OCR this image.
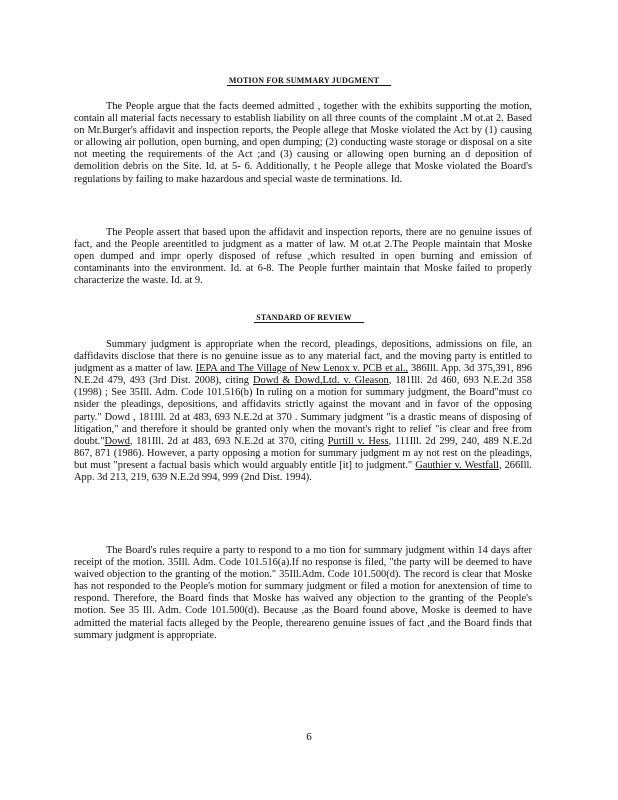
MOTION FOR SUMMARY JUDGMENT

The People argue that the facts deemed admitted , together with the exhibits supporting the motion, contain all material facts necessary to establish liability on all three counts of the complaint .M ot.at 2. Based on Mr.Burger's affidavit and inspection reports, the People allege that Moske violated the Act by (1) causing or allowing air pollution, open burning, and open dumping; (2) conducting waste storage or disposal on a site not meeting the requirements of the Act ;and (3) causing or allowing open burning an d deposition of demolition debris on the Site. Id. at 5- 6. Additionally, t he People allege that Moske violated the Board's regulations by failing to make hazardous and special waste de terminations. Id.

The People assert that based upon the affidavit and inspection reports, there are no genuine issues of fact, and the People areentitled to judgment as a matter of law. M ot.at 2.The People maintain that Moske open dumped and impr operly disposed of refuse ,which resulted in open burning and emission of contaminants into the environment. Id. at 6-8. The People further maintain that Moske failed to properly characterize the waste. Id. at 9.

STANDARD OF REVIEW

Summary judgment is appropriate when the record, pleadings, depositions, admissions on file, an daffidavits disclose that there is no genuine issue as to any material fact, and the moving party is entitled to judgment as a matter of law. IEPA and The Village of New Lenox v. PCB et al., 386Ill. App. 3d 375,391, 896 N.E.2d 479, 493 (3rd Dist. 2008), citing Dowd & Dowd,Ltd. v. Gleason, 181Ill. 2d 460, 693 N.E.2d 358 (1998) ; See 35Ill. Adm. Code 101.516(b) In ruling on a motion for summary judgment, the Board"must co nsider the pleadings, depositions, and affidavits strictly against the movant and in favor of the opposing party." Dowd , 181Ill. 2d at 483, 693 N.E.2d at 370 . Summary judgment "is a drastic means of disposing of litigation," and therefore it should be granted only when the movant's right to relief "is clear and free from doubt."Dowd, 181Ill. 2d at 483, 693 N.E.2d at 370, citing Purtill v. Hess, 111Ill. 2d 299, 240, 489 N.E.2d 867, 871 (1986). However, a party opposing a motion for summary judgment m ay not rest on the pleadings, but must "present a factual basis which would arguably entitle [it] to judgment." Gauthier v. Westfall, 266Ill. App. 3d 213, 219, 639 N.E.2d 994, 999 (2nd Dist. 1994).

The Board's rules require a party to respond to a mo tion for summary judgment within 14 days after receipt of the motion. 35Ill. Adm. Code 101.516(a).If no response is filed, "the party will be deemed to have waived objection to the granting of the motion." 35Ill.Adm. Code 101.500(d). The record is clear that Moske has not responded to the People's motion for summary judgment or filed a motion for anextension of time to respond. Therefore, the Board finds that Moske has waived any objection to the granting of the People's motion. See 35 Ill. Adm. Code 101.500(d). Because ,as the Board found above, Moske is deemed to have admitted the material facts alleged by the People, thereareno genuine issues of fact ,and the Board finds that summary judgment is appropriate.

6
